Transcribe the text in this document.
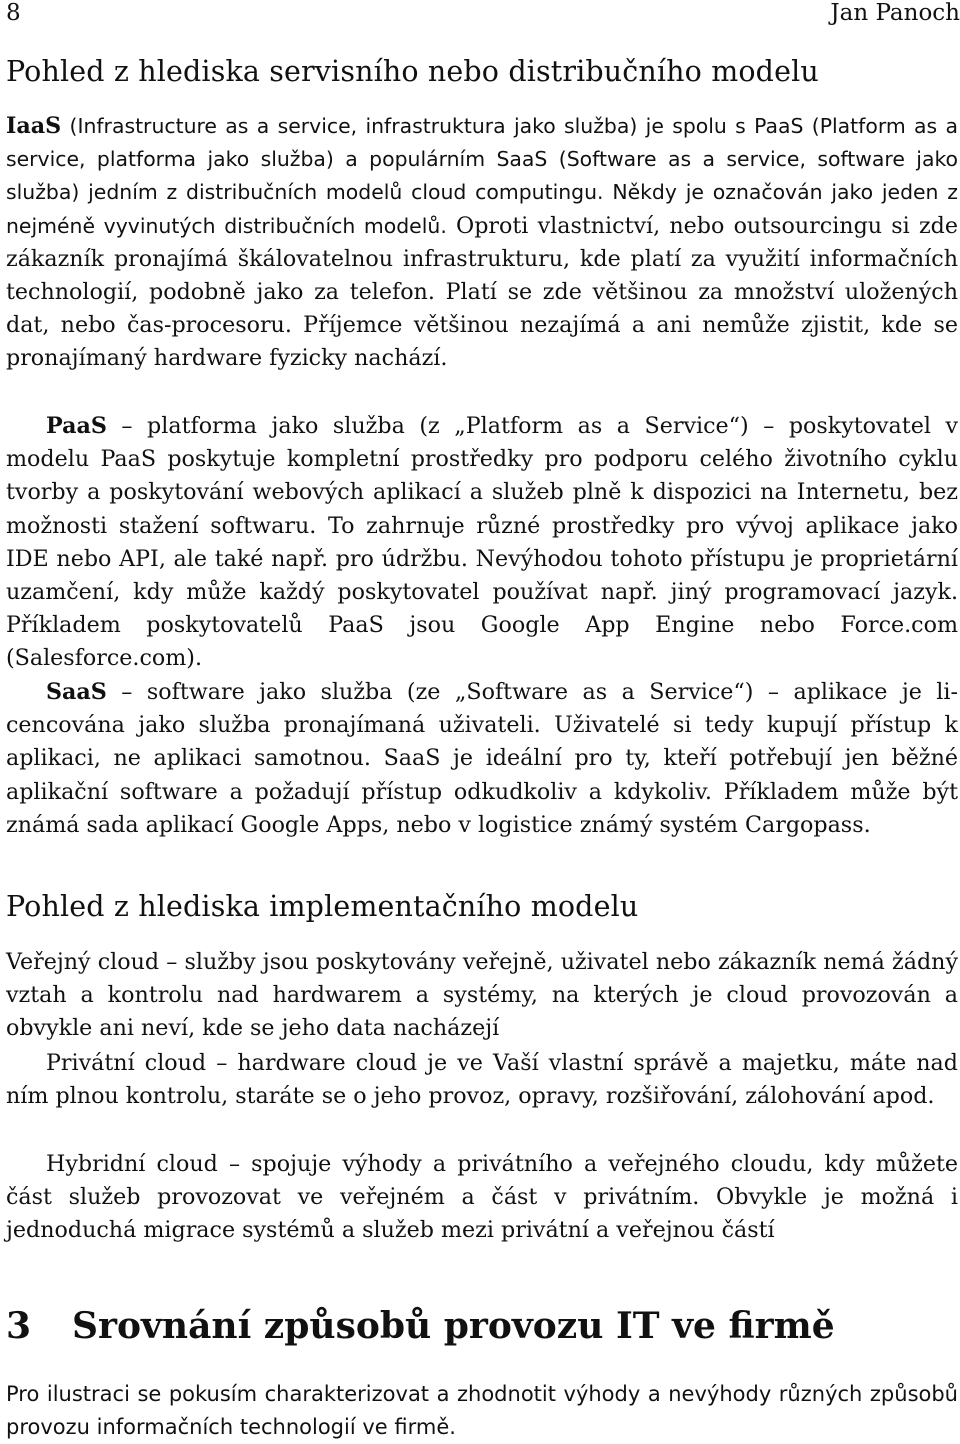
8	Jan Panoch
Pohled z hlediska servisního nebo distribučního modelu

IaaS (Infrastructure as a service, infrastruktura jako služba) je spolu s PaaS (Platform as a service, platforma jako služba) a populárním SaaS (Software as a service, software jako služba) jedním z distribučních modelů cloud computingu. Někdy je označován jako jeden z nejméně vyvinutých distribučních modelů. Oproti vlastnictví, nebo outsourcingu si zde zákazník pronajímá škálovatelnou infrastrukturu, kde platí za využití informačních technologií, podobně jako za telefon. Platí se zde většinou za množství uložených dat, nebo čas-procesoru. Příjemce většinou nezajímá a ani nemůže zjistit, kde se pronajímaný hardware fyzicky nachází.

PaaS – platforma jako služba (z „Platform as a Service“) – poskytovatel v modelu PaaS poskytuje kompletní prostředky pro podporu celého životního cyklu tvorby a poskytování webových aplikací a služeb plně k dispozici na Internetu, bez možnosti stažení softwaru. To zahrnuje různé prostředky pro vývoj aplikace jako IDE nebo API, ale také např. pro údržbu. Nevýhodou tohoto přístupu je proprietární uzamčení, kdy může každý poskytovatel používat např. jiný programovací jazyk. Příkladem poskytovatelů PaaS jsou Google App Engine nebo Force.com (Salesforce.com).

SaaS – software jako služba (ze „Software as a Service“) – aplikace je licencována jako služba pronajímaná uživateli. Uživatelé si tedy kupují přístup k aplikaci, ne aplikaci samotnou. SaaS je ideální pro ty, kteří potřebují jen běžné aplikační software a požadují přístup odkudkoliv a kdykoliv. Příkladem může být známá sada aplikací Google Apps, nebo v logistice známý systém Cargopass.

Pohled z hlediska implementačního modelu

Veřejný cloud – služby jsou poskytovány veřejně, uživatel nebo zákazník nemá žádný vztah a kontrolu nad hardwarem a systémy, na kterých je cloud provozován a obvykle ani neví, kde se jeho data nacházejí

Privátní cloud – hardware cloud je ve Vaší vlastní správě a majetku, máte nad ním plnou kontrolu, staráte se o jeho provoz, opravy, rozšiřování, zálohování apod.

Hybridní cloud – spojuje výhody a privátního a veřejného cloudu, kdy můžete část služeb provozovat ve veřejném a část v privátním. Obvykle je možná i jednoduchá migrace systémů a služeb mezi privátní a veřejnou částí

3 Srovnání způsobů provozu IT ve firmě

Pro ilustraci se pokusím charakterizovat a zhodnotit výhody a nevýhody různých způsobů provozu informačních technologií ve firmě.
